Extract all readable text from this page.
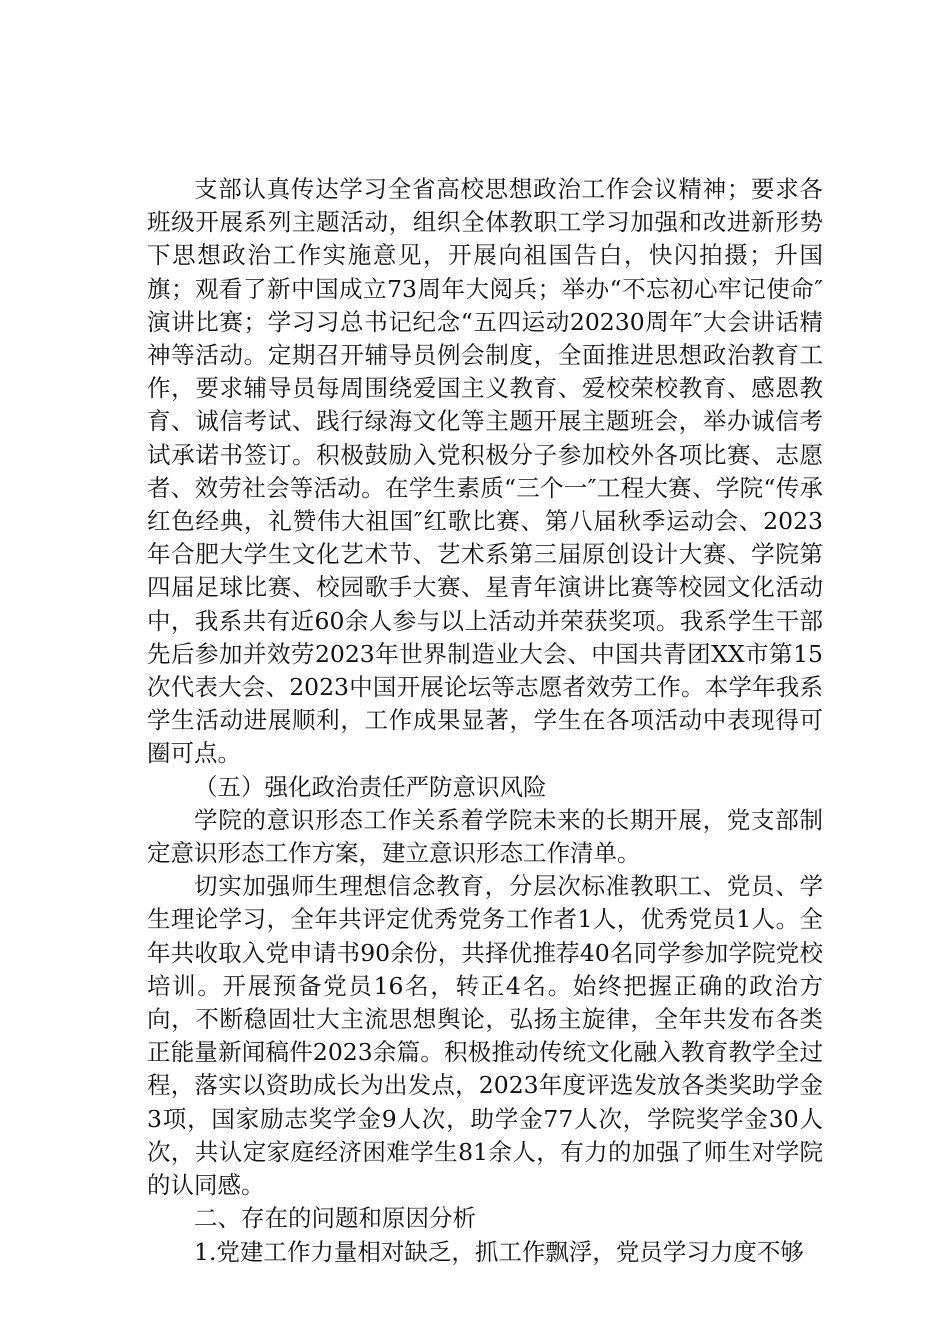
支部认真传达学习全省高校思想政治工作会议精神；要求各班级开展系列主题活动，组织全体教职工学习加强和改进新形势下思想政治工作实施意见，开展向祖国告白，快闪拍摄；升国旗；观看了新中国成立73周年大阅兵；举办“不忘初心牢记使命″演讲比赛；学习习总书记纪念“五四运动20230周年″大会讲话精神等活动。定期召开辅导员例会制度，全面推进思想政治教育工作，要求辅导员每周围绕爱国主义教育、爱校荣校教育、感恩教育、诚信考试、践行绿海文化等主题开展主题班会，举办诚信考试承诺书签订。积极鼓励入党积极分子参加校外各项比赛、志愿者、效劳社会等活动。在学生素质“三个一″工程大赛、学院“传承红色经典，礼赞伟大祖国″红歌比赛、第八届秋季运动会、2023年合肥大学生文化艺术节、艺术系第三届原创设计大赛、学院第四届足球比赛、校园歌手大赛、星青年演讲比赛等校园文化活动中，我系共有近60余人参与以上活动并荣获奖项。我系学生干部先后参加并效劳2023年世界制造业大会、中国共青团XX市第15次代表大会、2023中国开展论坛等志愿者效劳工作。本学年我系学生活动进展顺利，工作成果显著，学生在各项活动中表现得可圈可点。

（五）强化政治责任严防意识风险

学院的意识形态工作关系着学院未来的长期开展，党支部制定意识形态工作方案，建立意识形态工作清单。

切实加强师生理想信念教育，分层次标准教职工、党员、学生理论学习，全年共评定优秀党务工作者1人，优秀党员1人。全年共收取入党申请书90余份，共择优推荐40名同学参加学院党校培训。开展预备党员16名，转正4名。始终把握正确的政治方向，不断稳固壮大主流思想舆论，弘扬主旋律，全年共发布各类正能量新闻稿件2023余篇。积极推动传统文化融入教育教学全过程，落实以资助成长为出发点，2023年度评选发放各类奖助学金3项，国家励志奖学金9人次，助学金77人次，学院奖学金30人次，共认定家庭经济困难学生81余人，有力的加强了师生对学院的认同感。

二、存在的问题和原因分析

1.党建工作力量相对缺乏，抓工作飘浮，党员学习力度不够
